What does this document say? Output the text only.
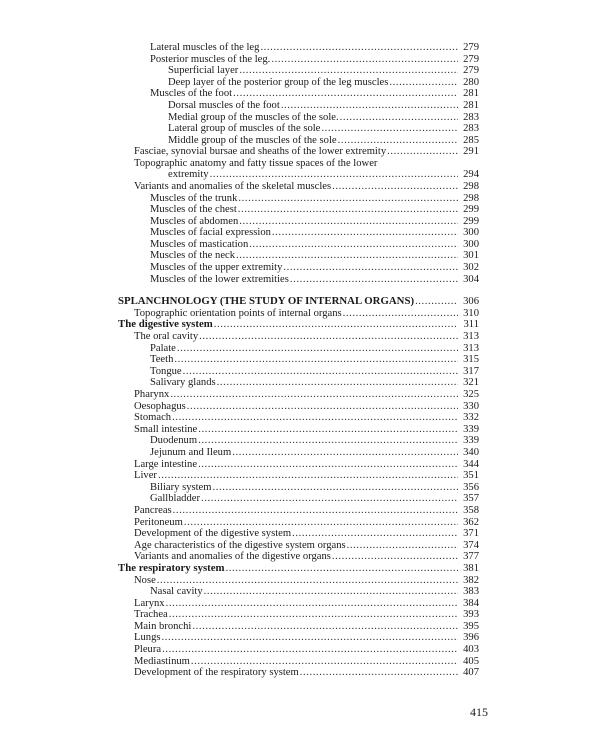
Lateral muscles of the leg .....	279
Posterior muscles of the leg. .....	279
Superficial layer .....	279
Deep layer of the posterior group of the leg muscles .....	280
Muscles of the foot .....	281
Dorsal muscles of the foot .....	281
Medial group of the muscles of the sole. .....	283
Lateral group of muscles of the sole .....	283
Middle group of the muscles of the sole .....	285
Fasciae, synovial bursae and sheaths of the lower extremity .....	291
Topographic anatomy and fatty tissue spaces of the lower
extremity .....	294
Variants and anomalies of the skeletal muscles .....	298
Muscles of the trunk .....	298
Muscles of the chest .....	299
Muscles of abdomen .....	299
Muscles of facial expression .....	300
Muscles of mastication .....	300
Muscles of the neck .....	301
Muscles of the upper extremity .....	302
Muscles of the lower extremities .....	304
SPLANCHNOLOGY (THE STUDY OF INTERNAL ORGANS) .....	306
Topographic orientation points of internal organs .....	310
The digestive system .....	311
The oral cavity .....	313
Palate .....	313
Teeth .....	315
Tongue .....	317
Salivary glands .....	321
Pharynx .....	325
Oesophagus .....	330
Stomach .....	332
Small intestine .....	339
Duodenum .....	339
Jejunum and Ileum .....	340
Large intestine .....	344
Liver .....	351
Biliary system .....	356
Gallbladder .....	357
Pancreas .....	358
Peritoneum .....	362
Development of the digestive system .....	371
Age characteristics of the digestive system organs .....	374
Variants and anomalies of the digestive organs .....	377
The respiratory system .....	381
Nose .....	382
Nasal cavity .....	383
Larynx .....	384
Trachea .....	393
Main bronchi .....	395
Lungs .....	396
Pleura .....	403
Mediastinum .....	405
Development of the respiratory system .....	407
415
